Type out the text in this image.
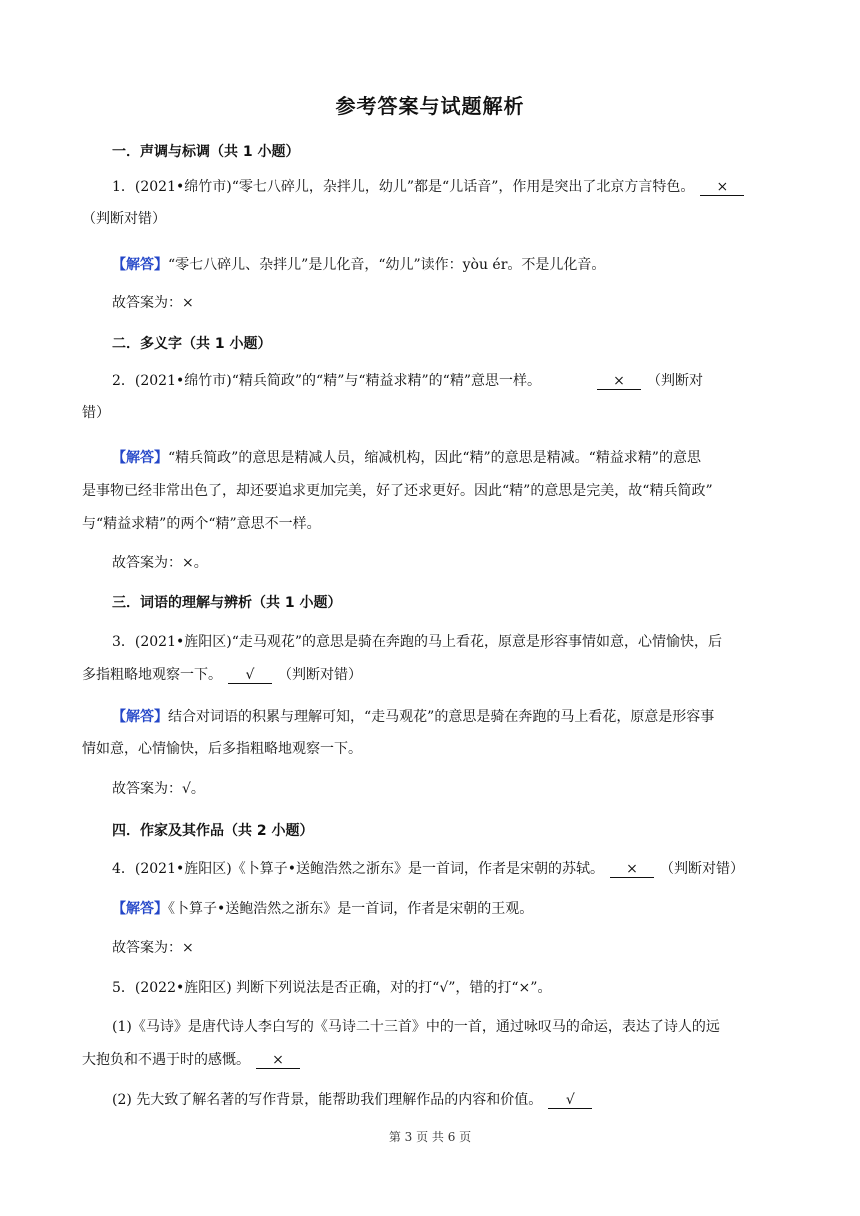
参考答案与试题解析
一．声调与标调（共 1 小题）
1．(2021•绵竹市)“零七八碎儿，杂拌儿，幼儿”都是“儿话音”，作用是突出了北京方言特色。 ×
（判断对错）
【解答】“零七八碎儿、杂拌儿”是儿化音，“幼儿”读作：yòu ér。不是儿化音。
故答案为：×
二．多义字（共 1 小题）
2．(2021•绵竹市)“精兵简政”的“精”与“精益求精”的“精”意思一样。	× （判断对
错）
【解答】“精兵简政”的意思是精减人员，缩减机构，因此“精”的意思是精减。“精益求精”的意思
是事物已经非常出色了，却还要追求更加完美，好了还求更好。因此“精”的意思是完美，故“精兵简政”
与“精益求精”的两个“精”意思不一样。
故答案为：×。
三．词语的理解与辨析（共 1 小题）
3．(2021•旌阳区)“走马观花”的意思是骑在奔跑的马上看花，原意是形容事情如意，心情愉快，后
多指粗略地观察一下。 √ （判断对错）
【解答】结合对词语的积累与理解可知，“走马观花”的意思是骑在奔跑的马上看花，原意是形容事
情如意，心情愉快，后多指粗略地观察一下。
故答案为：√。
四．作家及其作品（共 2 小题）
4．(2021•旌阳区)《卜算子•送鲍浩然之浙东》是一首词，作者是宋朝的苏轼。 × （判断对错）
【解答】《卜算子•送鲍浩然之浙东》是一首词，作者是宋朝的王观。
故答案为：×
5．(2022•旌阳区) 判断下列说法是否正确，对的打“√”，错的打“×”。
(1)《马诗》是唐代诗人李白写的《马诗二十三首》中的一首，通过咏叹马的命运，表达了诗人的远
大抱负和不遇于时的感慨。 ×
(2) 先大致了解名著的写作背景，能帮助我们理解作品的内容和价值。 √
第 3 页 共 6 页
